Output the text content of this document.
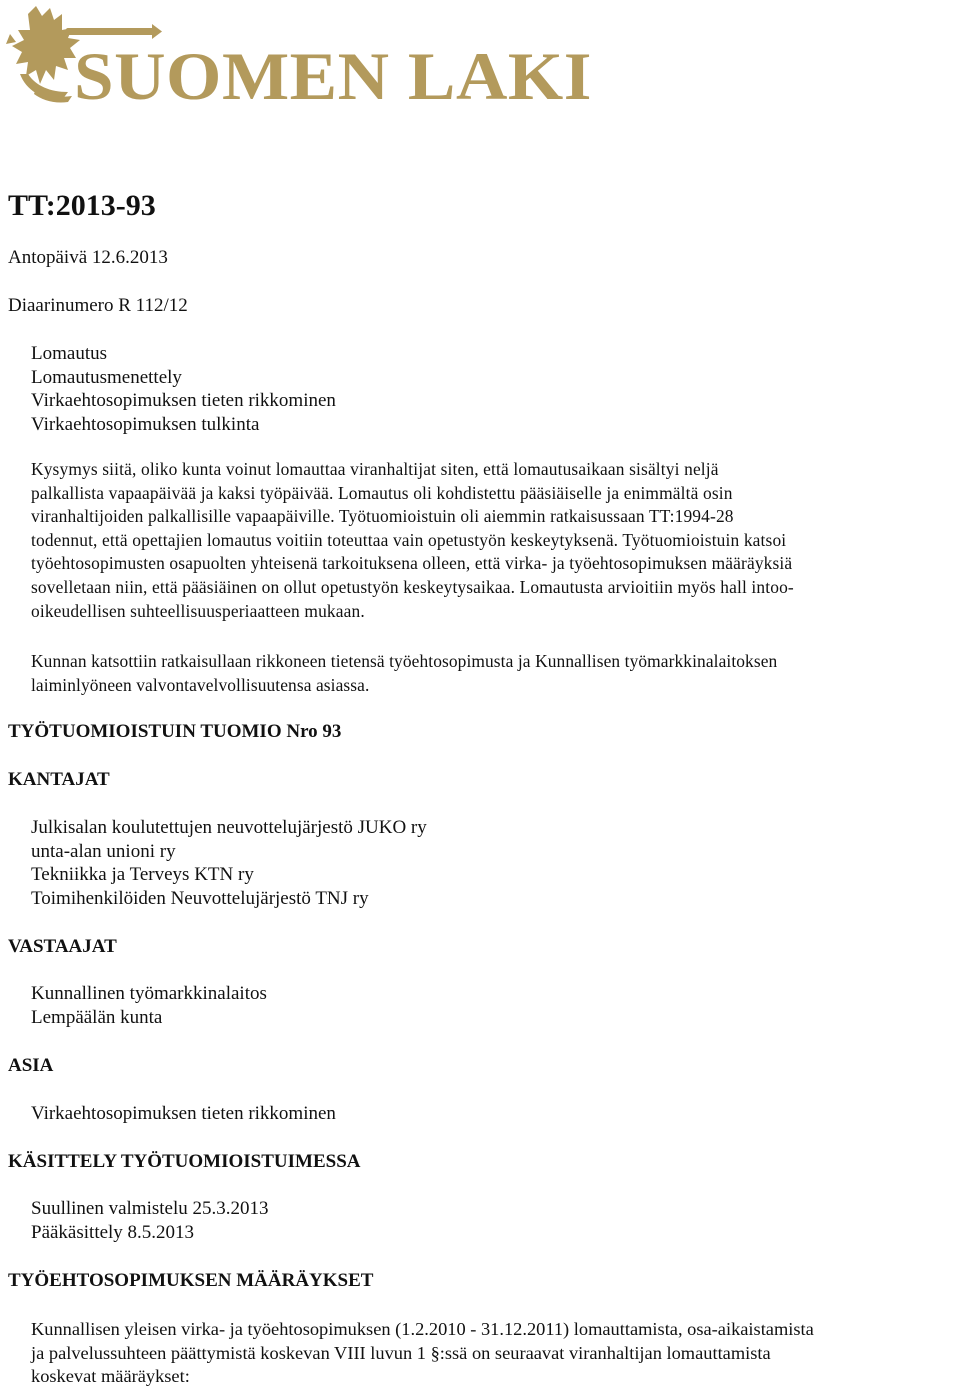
SUOMEN LAKI
TT:2013-93
Antopäivä 12.6.2013
Diaarinumero R 112/12
Lomautus
Lomautusmenettely
Virkaehtosopimuksen tieten rikkominen
Virkaehtosopimuksen tulkinta
Kysymys siitä, oliko kunta voinut lomauttaa viranhaltijat siten, että lomautusaikaan sisältyi neljä
palkallista vapaapäivää ja kaksi työpäivää. Lomautus oli kohdistettu pääsiäiselle ja enimmältä osin
viranhaltijoiden palkallisille vapaapäiville. Työtuomioistuin oli aiemmin ratkaisussaan TT:1994-28
todennut, että opettajien lomautus voitiin toteuttaa vain opetustyön keskeytyksenä. Työtuomioistuin katsoi
työehtosopimusten osapuolten yhteisenä tarkoituksena olleen, että virka- ja työehtosopimuksen määräyksiä
sovelletaan niin, että pääsiäinen on ollut opetustyön keskeytysaikaa. Lomautusta arvioitiin myös hall intoo-
oikeudellisen suhteellisuusperiaatteen mukaan.
Kunnan katsottiin ratkaisullaan rikkoneen tietensä työehtosopimusta ja Kunnallisen työmarkkinalaitoksen
laiminlyöneen valvontavelvollisuutensa asiassa.
TYÖTUOMIOISTUIN TUOMIO Nro 93
KANTAJAT
Julkisalan koulutettujen neuvottelujärjestö JUKO ry
unta-alan unioni ry
Tekniikka ja Terveys KTN ry
Toimihenkilöiden Neuvottelujärjestö TNJ ry
VASTAAJAT
Kunnallinen työmarkkinalaitos
Lempäälän kunta
ASIA
Virkaehtosopimuksen tieten rikkominen
KÄSITTELY TYÖTUOMIOISTUIMESSA
Suullinen valmistelu 25.3.2013
Pääkäsittely 8.5.2013
TYÖEHTOSOPIMUKSEN MÄÄRÄYKSET
Kunnallisen yleisen virka- ja työehtosopimuksen (1.2.2010 - 31.12.2011) lomauttamista, osa-aikaistamista
ja palvelussuhteen päättymistä koskevan VIII luvun 1 §:ssä on seuraavat viranhaltijan lomauttamista
koskevat määräykset:
